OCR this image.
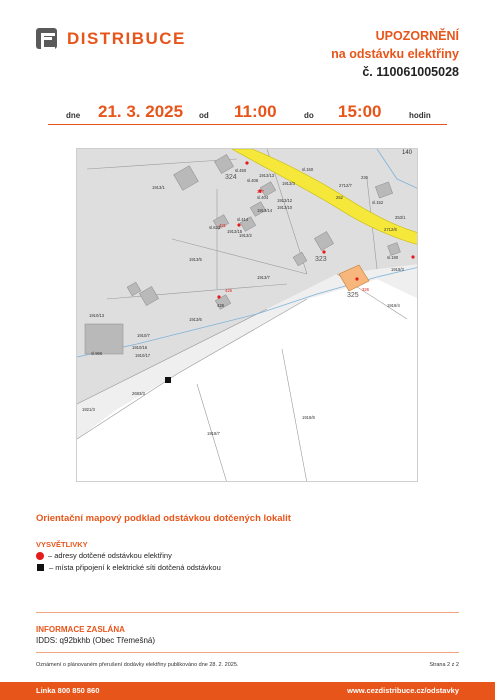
DISTRIBUCE	UPOZORNĚNÍ
na odstávku elektřiny
č. 110061005028
dne 21. 3. 2025 od 11:00	do 15:00	hodin
324
sl.150
140
sl.450
sl.406
1913/1
1913/2
1913/3
1913/5
1913/6
1913/7
1913/10
1913/12
1913/13
1913/14
1913/15
323
327
sl.404
sl.414
sl.623
2712/7
236
sl.152
252
253/1
2712/6
1918/3
1918/4
325
326
sl.190
421
426
428
1910/13
1910/7
1910/16
1910/17
sl.966
1921/3
2683/3
1918/7
1918/8
Orientační mapový podklad odstávkou dotčených lokalit
VYSVĚTLIVKY
– adresy dotčené odstávkou elektřiny
– místa připojení k elektrické síti dotčená odstávkou
INFORMACE ZASLÁNA
IDDS: q92bkhb (Obec Třemešná)
Oznámení o plánovaném přerušení dodávky elektřiny publikováno dne 28. 2. 2025.	Strana 2 z 2
Linka 800 850 860	www.cezdistribuce.cz/odstavky
